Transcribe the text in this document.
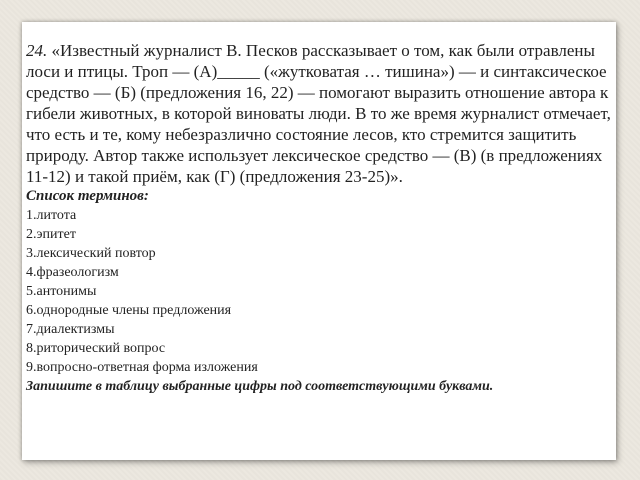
24. «Известный журналист В. Песков рассказывает о том, как были отравлены лоси и птицы. Троп — (А)_____ («жутковатая … тишина») — и синтаксическое средство — (Б) (предложения 16, 22) — помогают выразить отношение автора к гибели животных, в которой виноваты люди. В то же время журналист отмечает, что есть и те, кому небезразлично состояние лесов, кто стремится защитить природу. Автор также использует лексическое средство — (В) (в предложениях 11-12) и такой приём, как (Г) (предложения 23-25)».

Список терминов:

1.литота
2.эпитет
3.лексический повтор
4.фразеологизм
5.антонимы
6.однородные члены предложения
7.диалектизмы
8.риторический вопрос
9.вопросно-ответная форма изложения

Запишите в таблицу выбранные цифры под соответствующими буквами.
